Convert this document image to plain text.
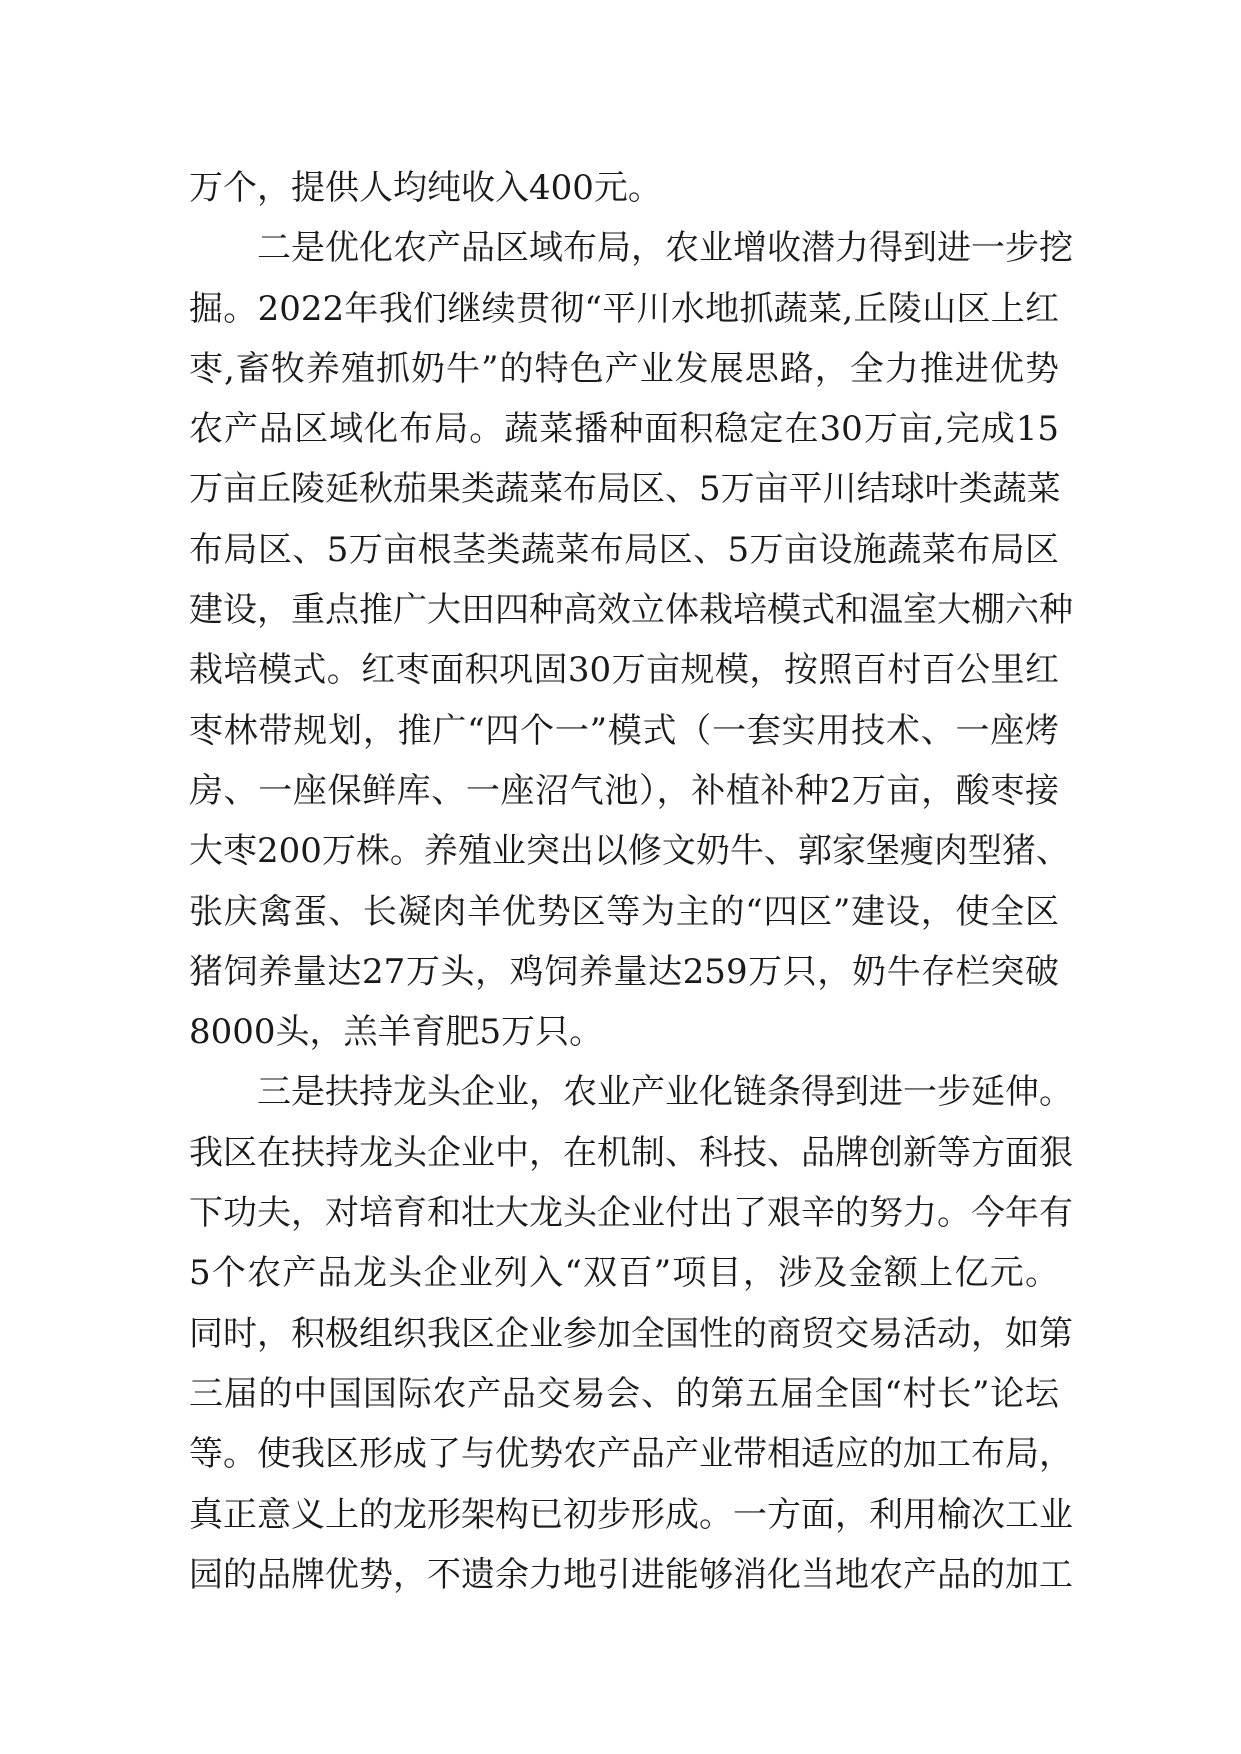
万个，提供人均纯收入400元。
二是优化农产品区域布局，农业增收潜力得到进一步挖
掘。2022年我们继续贯彻“平川水地抓蔬菜,丘陵山区上红
枣,畜牧养殖抓奶牛”的特色产业发展思路，全力推进优势
农产品区域化布局。蔬菜播种面积稳定在30万亩,完成15
万亩丘陵延秋茄果类蔬菜布局区、5万亩平川结球叶类蔬菜
布局区、5万亩根茎类蔬菜布局区、5万亩设施蔬菜布局区
建设，重点推广大田四种高效立体栽培模式和温室大棚六种
栽培模式。红枣面积巩固30万亩规模，按照百村百公里红
枣林带规划，推广“四个一”模式（一套实用技术、一座烤
房、一座保鲜库、一座沼气池），补植补种2万亩，酸枣接
大枣200万株。养殖业突出以修文奶牛、郭家堡瘦肉型猪、
张庆禽蛋、长凝肉羊优势区等为主的“四区”建设，使全区
猪饲养量达27万头，鸡饲养量达259万只，奶牛存栏突破
8000头，羔羊育肥5万只。
三是扶持龙头企业，农业产业化链条得到进一步延伸。
我区在扶持龙头企业中，在机制、科技、品牌创新等方面狠
下功夫，对培育和壮大龙头企业付出了艰辛的努力。今年有
5个农产品龙头企业列入“双百”项目，涉及金额上亿元。
同时，积极组织我区企业参加全国性的商贸交易活动，如第
三届的中国国际农产品交易会、的第五届全国“村长”论坛
等。使我区形成了与优势农产品产业带相适应的加工布局，
真正意义上的龙形架构已初步形成。一方面，利用榆次工业
园的品牌优势，不遗余力地引进能够消化当地农产品的加工
